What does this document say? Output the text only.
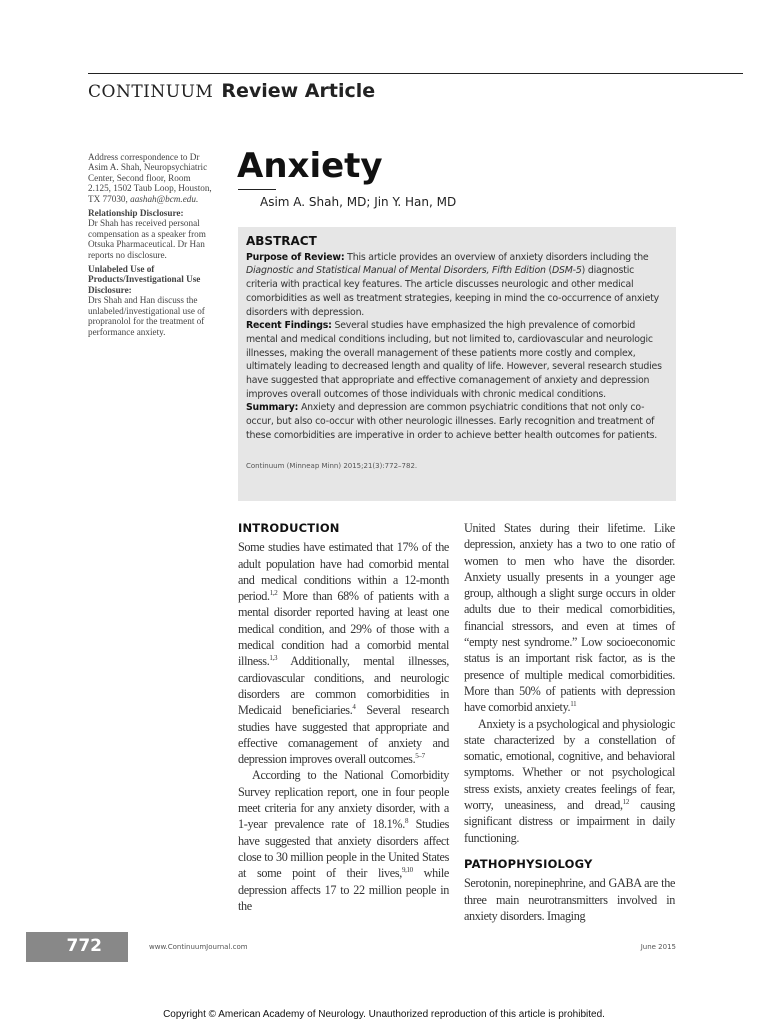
CONTINUUM Review Article

Address correspondence to Dr Asim A. Shah, Neuropsychiatric Center, Second floor, Room 2.125, 1502 Taub Loop, Houston, TX 77030, aashah@bcm.edu.

Relationship Disclosure:
Dr Shah has received personal compensation as a speaker from Otsuka Pharmaceutical. Dr Han reports no disclosure.

Unlabeled Use of Products/Investigational Use Disclosure:
Drs Shah and Han discuss the unlabeled/investigational use of propranolol for the treatment of performance anxiety.

Anxiety
Asim A. Shah, MD; Jin Y. Han, MD
ABSTRACT

Purpose of Review: This article provides an overview of anxiety disorders including the Diagnostic and Statistical Manual of Mental Disorders, Fifth Edition (DSM-5) diagnostic criteria with practical key features. The article discusses neurologic and other medical comorbidities as well as treatment strategies, keeping in mind the co-occurrence of anxiety disorders with depression.

Recent Findings: Several studies have emphasized the high prevalence of comorbid mental and medical conditions including, but not limited to, cardiovascular and neurologic illnesses, making the overall management of these patients more costly and complex, ultimately leading to decreased length and quality of life. However, several research studies have suggested that appropriate and effective comanagement of anxiety and depression improves overall outcomes of those individuals with chronic medical conditions.

Summary: Anxiety and depression are common psychiatric conditions that not only co-occur, but also co-occur with other neurologic illnesses. Early recognition and treatment of these comorbidities are imperative in order to achieve better health outcomes for patients.

Continuum (Minneap Minn) 2015;21(3):772–782.

INTRODUCTION

Some studies have estimated that 17% of the adult population have had comorbid mental and medical conditions within a 12-month period.$^{1,2}$ More than 68% of patients with a mental disorder reported having at least one medical condition, and 29% of those with a medical condition had a comorbid mental illness.$^{1,3}$ Additionally, mental illnesses, cardiovascular conditions, and neurologic disorders are common comorbidities in Medicaid beneficiaries.$^4$ Several research studies have suggested that appropriate and effective comanagement of anxiety and depression improves overall outcomes.$^{5-7}$

According to the National Comorbidity Survey replication report, one in four people meet criteria for any anxiety disorder, with a 1-year prevalence rate of 18.1%.$^8$ Studies have suggested that anxiety disorders affect close to 30 million people in the United States at some point of their lives,$^{9,10}$ while depression affects 17 to 22 million people in the

United States during their lifetime. Like depression, anxiety has a two to one ratio of women to men who have the disorder. Anxiety usually presents in a younger age group, although a slight surge occurs in older adults due to their medical comorbidities, financial stressors, and even at times of “empty nest syndrome.” Low socioeconomic status is an important risk factor, as is the presence of multiple medical comorbidities. More than 50% of patients with depression have comorbid anxiety.$^{11}$

Anxiety is a psychological and physiologic state characterized by a constellation of somatic, emotional, cognitive, and behavioral symptoms. Whether or not psychological stress exists, anxiety creates feelings of fear, worry, uneasiness, and dread,$^{12}$ causing significant distress or impairment in daily functioning.

PATHOPHYSIOLOGY

Serotonin, norepinephrine, and GABA are the three main neurotransmitters involved in anxiety disorders. Imaging

772	www.ContinuumJournal.com	June 2015
Copyright © American Academy of Neurology. Unauthorized reproduction of this article is prohibited.
